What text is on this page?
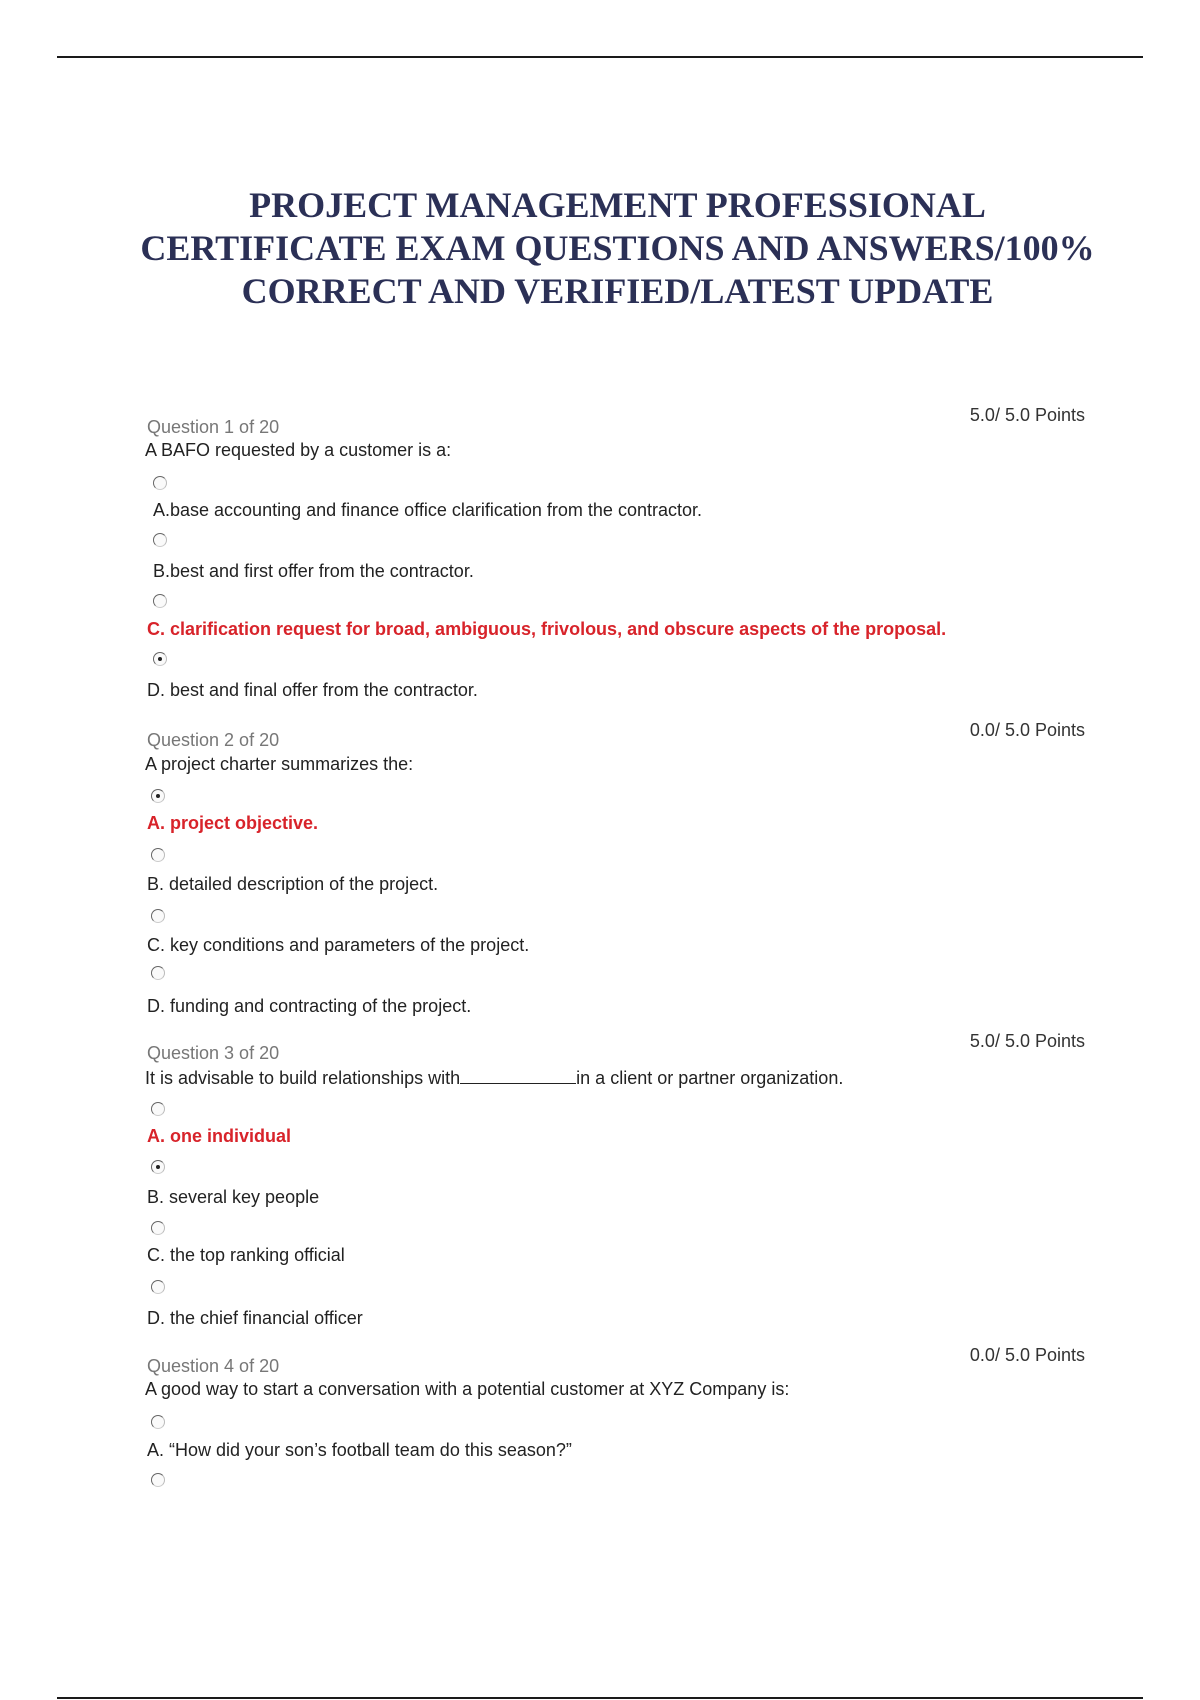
PROJECT MANAGEMENT PROFESSIONAL CERTIFICATE EXAM QUESTIONS AND ANSWERS/100% CORRECT AND VERIFIED/LATEST UPDATE
Question 1 of 20
5.0/ 5.0 Points
A BAFO requested by a customer is a:
A.base accounting and finance office clarification from the contractor.
B.best and first offer from the contractor.
C. clarification request for broad, ambiguous, frivolous, and obscure aspects of the proposal.
D. best and final offer from the contractor.
Question 2 of 20	0.0/ 5.0 Points
A project charter summarizes the:
A. project objective.
B. detailed description of the project.
C. key conditions and parameters of the project.
D. funding and contracting of the project.
Question 3 of 20
5.0/ 5.0 Points
It is advisable to build relationships with	in a client or partner organization.
A. one individual
B. several key people
C. the top ranking official
D. the chief financial officer
Question 4 of 20
0.0/ 5.0 Points
A good way to start a conversation with a potential customer at XYZ Company is:
A. “How did your son’s football team do this season?”
